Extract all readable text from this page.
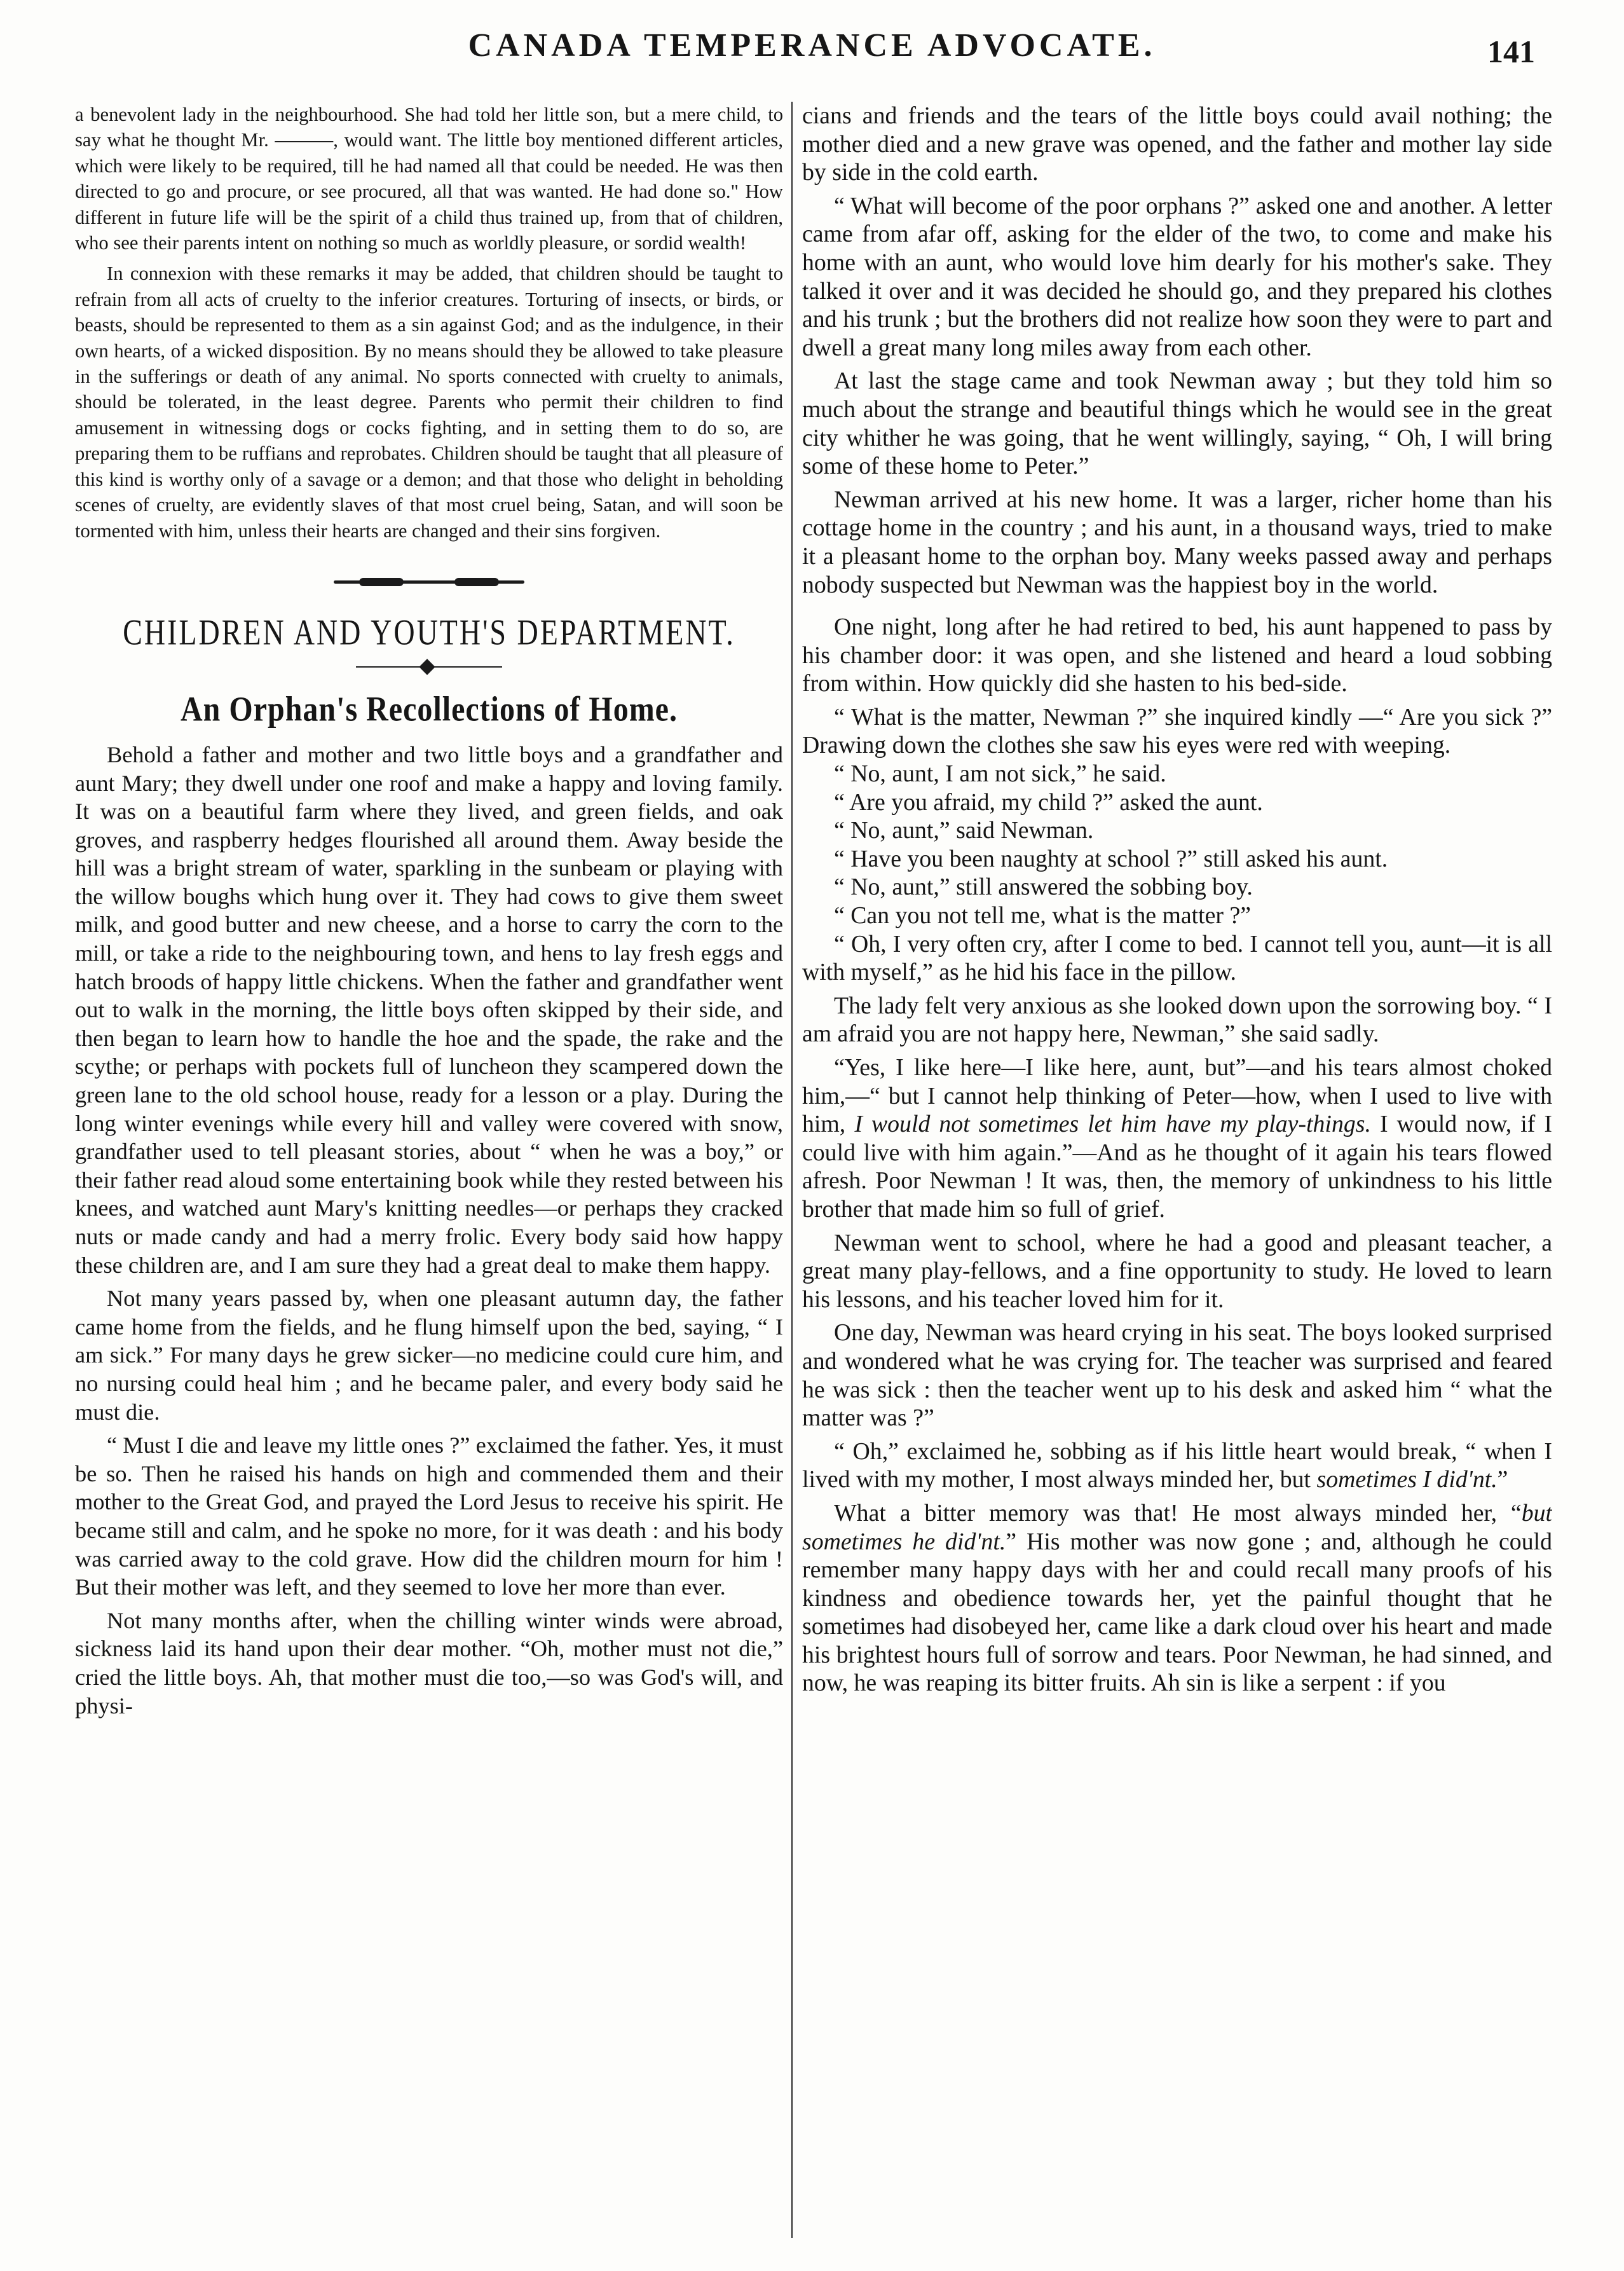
CANADA TEMPERANCE ADVOCATE.	141

a benevolent lady in the neighbourhood. She had told her little son, but a mere child, to say what he thought Mr. ———, would want. The little boy mentioned different articles, which were likely to be required, till he had named all that could be needed. He was then directed to go and procure, or see procured, all that was wanted. He had done so." How different in future life will be the spirit of a child thus trained up, from that of children, who see their parents intent on nothing so much as worldly pleasure, or sordid wealth!

In connexion with these remarks it may be added, that children should be taught to refrain from all acts of cruelty to the inferior creatures. Torturing of insects, or birds, or beasts, should be represented to them as a sin against God; and as the indulgence, in their own hearts, of a wicked disposition. By no means should they be allowed to take pleasure in the sufferings or death of any animal. No sports connected with cruelty to animals, should be tolerated, in the least degree. Parents who permit their children to find amusement in witnessing dogs or cocks fighting, and in setting them to do so, are preparing them to be ruffians and reprobates. Children should be taught that all pleasure of this kind is worthy only of a savage or a demon; and that those who delight in beholding scenes of cruelty, are evidently slaves of that most cruel being, Satan, and will soon be tormented with him, unless their hearts are changed and their sins forgiven.

CHILDREN AND YOUTH'S DEPARTMENT.
An Orphan's Recollections of Home.

Behold a father and mother and two little boys and a grandfather and aunt Mary; they dwell under one roof and make a happy and loving family. It was on a beautiful farm where they lived, and green fields, and oak groves, and raspberry hedges flourished all around them. Away beside the hill was a bright stream of water, sparkling in the sunbeam or playing with the willow boughs which hung over it. They had cows to give them sweet milk, and good butter and new cheese, and a horse to carry the corn to the mill, or take a ride to the neighbouring town, and hens to lay fresh eggs and hatch broods of happy little chickens. When the father and grandfather went out to walk in the morning, the little boys often skipped by their side, and then began to learn how to handle the hoe and the spade, the rake and the scythe; or perhaps with pockets full of luncheon they scampered down the green lane to the old school house, ready for a lesson or a play. During the long winter evenings while every hill and valley were covered with snow, grandfather used to tell pleasant stories, about “ when he was a boy,” or their father read aloud some entertaining book while they rested between his knees, and watched aunt Mary's knitting needles—or perhaps they cracked nuts or made candy and had a merry frolic. Every body said how happy these children are, and I am sure they had a great deal to make them happy.

Not many years passed by, when one pleasant autumn day, the father came home from the fields, and he flung himself upon the bed, saying, “ I am sick.” For many days he grew sicker—no medicine could cure him, and no nursing could heal him ; and he became paler, and every body said he must die.

“ Must I die and leave my little ones ?” exclaimed the father. Yes, it must be so. Then he raised his hands on high and commended them and their mother to the Great God, and prayed the Lord Jesus to receive his spirit. He became still and calm, and he spoke no more, for it was death : and his body was carried away to the cold grave. How did the children mourn for him ! But their mother was left, and they seemed to love her more than ever.

Not many months after, when the chilling winter winds were abroad, sickness laid its hand upon their dear mother. “Oh, mother must not die,” cried the little boys. Ah, that mother must die too,—so was God's will, and physi-

cians and friends and the tears of the little boys could avail nothing; the mother died and a new grave was opened, and the father and mother lay side by side in the cold earth.

“ What will become of the poor orphans ?” asked one and another. A letter came from afar off, asking for the elder of the two, to come and make his home with an aunt, who would love him dearly for his mother's sake. They talked it over and it was decided he should go, and they prepared his clothes and his trunk ; but the brothers did not realize how soon they were to part and dwell a great many long miles away from each other.

At last the stage came and took Newman away ; but they told him so much about the strange and beautiful things which he would see in the great city whither he was going, that he went willingly, saying, “ Oh, I will bring some of these home to Peter.”

Newman arrived at his new home. It was a larger, richer home than his cottage home in the country ; and his aunt, in a thousand ways, tried to make it a pleasant home to the orphan boy. Many weeks passed away and perhaps nobody suspected but Newman was the happiest boy in the world.

One night, long after he had retired to bed, his aunt happened to pass by his chamber door: it was open, and she listened and heard a loud sobbing from within. How quickly did she hasten to his bed-side.

“ What is the matter, Newman ?” she inquired kindly —“ Are you sick ?” Drawing down the clothes she saw his eyes were red with weeping.

“ No, aunt, I am not sick,” he said.

“ Are you afraid, my child ?” asked the aunt.

“ No, aunt,” said Newman.

“ Have you been naughty at school ?” still asked his aunt.

“ No, aunt,” still answered the sobbing boy.

“ Can you not tell me, what is the matter ?”

“ Oh, I very often cry, after I come to bed. I cannot tell you, aunt—it is all with myself,” as he hid his face in the pillow.

The lady felt very anxious as she looked down upon the sorrowing boy. “ I am afraid you are not happy here, Newman,” she said sadly.

“Yes, I like here—I like here, aunt, but”—and his tears almost choked him,—“ but I cannot help thinking of Peter—how, when I used to live with him, I would not sometimes let him have my play-things. I would now, if I could live with him again.”—And as he thought of it again his tears flowed afresh. Poor Newman ! It was, then, the memory of unkindness to his little brother that made him so full of grief.

Newman went to school, where he had a good and pleasant teacher, a great many play-fellows, and a fine opportunity to study. He loved to learn his lessons, and his teacher loved him for it.

One day, Newman was heard crying in his seat. The boys looked surprised and wondered what he was crying for. The teacher was surprised and feared he was sick : then the teacher went up to his desk and asked him “ what the matter was ?”

“ Oh,” exclaimed he, sobbing as if his little heart would break, “ when I lived with my mother, I most always minded her, but sometimes I did'nt.”

What a bitter memory was that! He most always minded her, “but sometimes he did'nt.” His mother was now gone ; and, although he could remember many happy days with her and could recall many proofs of his kindness and obedience towards her, yet the painful thought that he sometimes had disobeyed her, came like a dark cloud over his heart and made his brightest hours full of sorrow and tears. Poor Newman, he had sinned, and now, he was reaping its bitter fruits. Ah sin is like a serpent : if you
